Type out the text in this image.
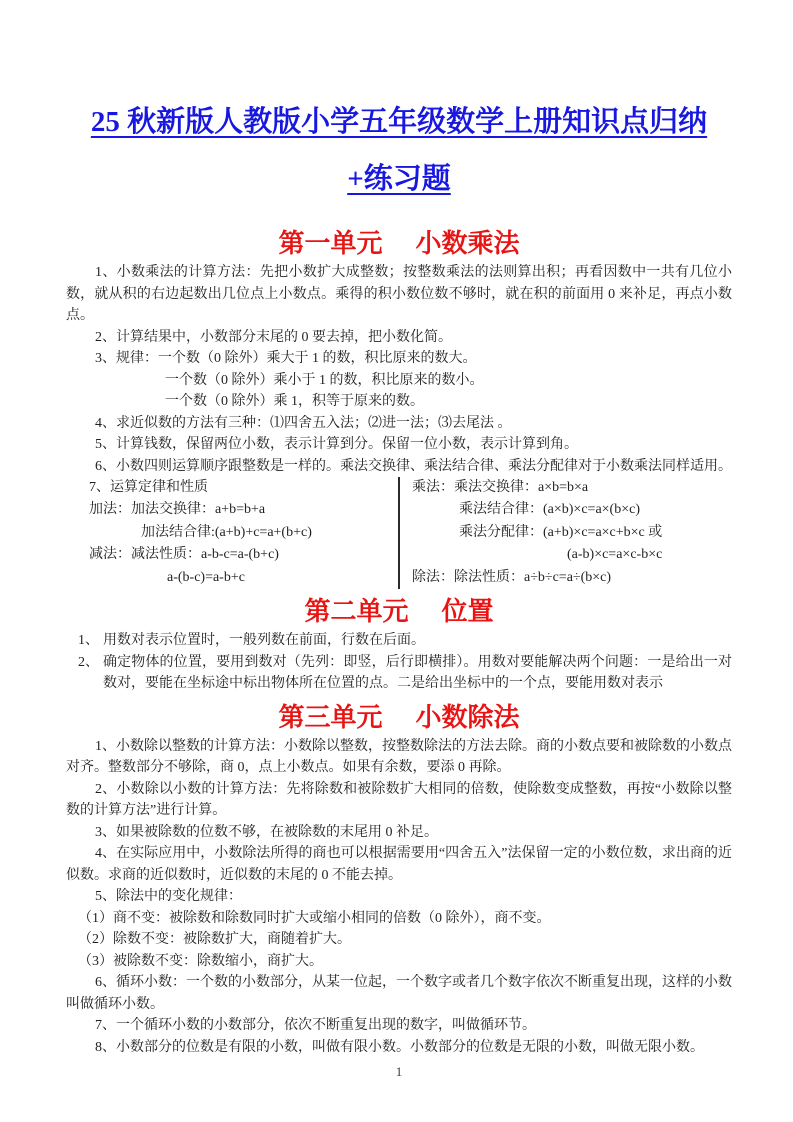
25 秋新版人教版小学五年级数学上册知识点归纳
+练习题
第一单元 小数乘法

1、小数乘法的计算方法：先把小数扩大成整数；按整数乘法的法则算出积；再看因数中一共有几位小数，就从积的右边起数出几位点上小数点。乘得的积小数位数不够时，就在积的前面用 0 来补足，再点小数点。

2、计算结果中，小数部分末尾的 0 要去掉，把小数化简。

3、规律：一个数（0 除外）乘大于 1 的数，积比原来的数大。

一个数（0 除外）乘小于 1 的数，积比原来的数小。

一个数（0 除外）乘 1，积等于原来的数。

4、求近似数的方法有三种：⑴四舍五入法；⑵进一法；⑶去尾法 。

5、计算钱数，保留两位小数，表示计算到分。保留一位小数，表示计算到角。

6、小数四则运算顺序跟整数是一样的。乘法交换律、乘法结合律、乘法分配律对于小数乘法同样适用。

7、运算定律和性质
加法：加法交换律：a+b=b+a
加法结合律:(a+b)+c=a+(b+c)
减法：减法性质：a-b-c=a-(b+c)
a-(b-c)=a-b+c
乘法：乘法交换律：a×b=b×a
乘法结合律：(a×b)×c=a×(b×c)
乘法分配律：(a+b)×c=a×c+b×c 或
(a-b)×c=a×c-b×c
除法：除法性质：a÷b÷c=a÷(b×c)
第二单元 位置
1、 用数对表示位置时，一般列数在前面，行数在后面。
2、 确定物体的位置，要用到数对（先列：即竖，后行即横排）。用数对要能解决两个问题：一是给出一对数对，要能在坐标途中标出物体所在位置的点。二是给出坐标中的一个点，要能用数对表示
第三单元 小数除法

1、小数除以整数的计算方法：小数除以整数，按整数除法的方法去除。商的小数点要和被除数的小数点对齐。整数部分不够除，商 0，点上小数点。如果有余数，要添 0 再除。

2、小数除以小数的计算方法：先将除数和被除数扩大相同的倍数，使除数变成整数，再按“小数除以整数的计算方法”进行计算。

3、如果被除数的位数不够，在被除数的末尾用 0 补足。

4、在实际应用中，小数除法所得的商也可以根据需要用“四舍五入”法保留一定的小数位数，求出商的近似数。求商的近似数时，近似数的末尾的 0 不能去掉。

5、除法中的变化规律：

（1）商不变：被除数和除数同时扩大或缩小相同的倍数（0 除外），商不变。

（2）除数不变：被除数扩大，商随着扩大。

（3）被除数不变：除数缩小，商扩大。

6、循环小数：一个数的小数部分，从某一位起，一个数字或者几个数字依次不断重复出现，这样的小数叫做循环小数。

7、一个循环小数的小数部分，依次不断重复出现的数字，叫做循环节。

8、小数部分的位数是有限的小数，叫做有限小数。小数部分的位数是无限的小数，叫做无限小数。

1
